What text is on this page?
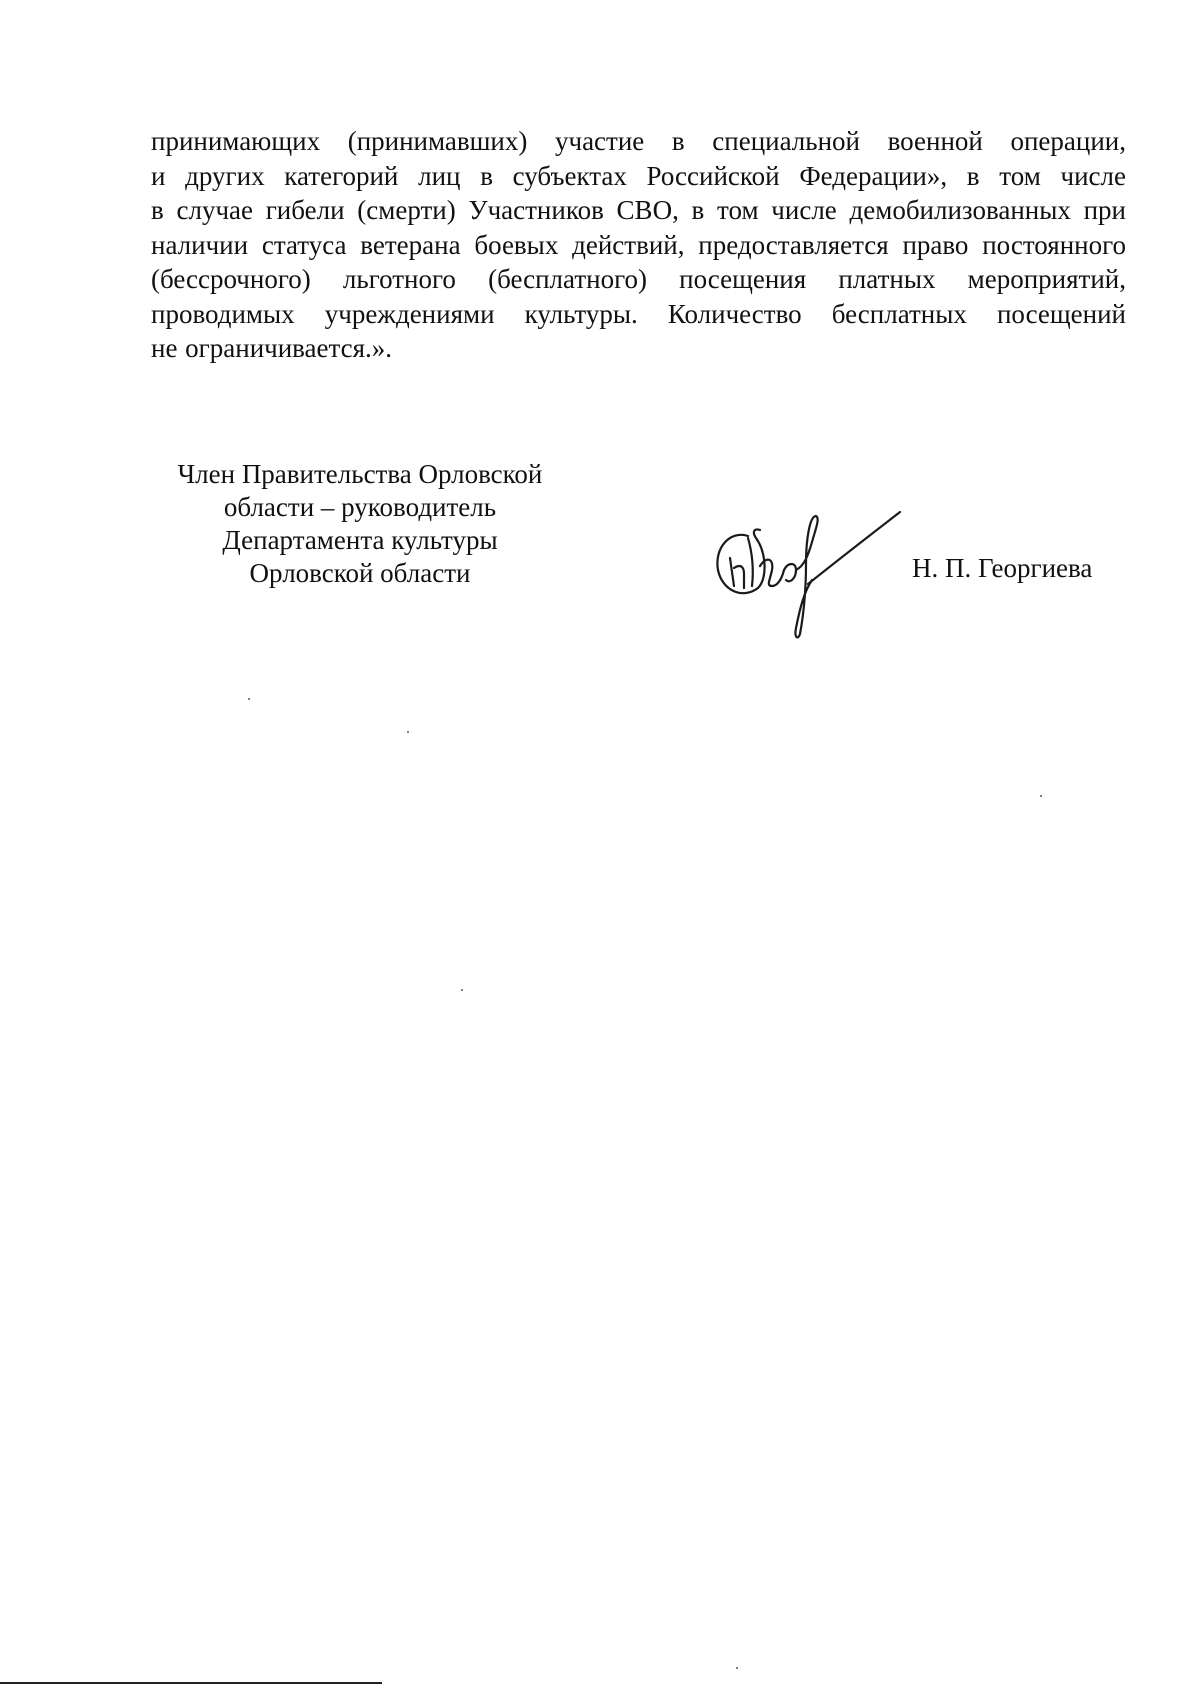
принимающих (принимавших) участие в специальной военной операции,
и других категорий лиц в субъектах Российской Федерации», в том числе
в случае гибели (смерти) Участников СВО, в том числе демобилизованных при
наличии статуса ветерана боевых действий, предоставляется право постоянного
(бессрочного) льготного (бесплатного) посещения платных мероприятий,
проводимых учреждениями культуры. Количество бесплатных посещений
не ограничивается.».
Член Правительства Орловской
области – руководитель
Департамента культуры
Орловской области	Н. П. Георгиева
